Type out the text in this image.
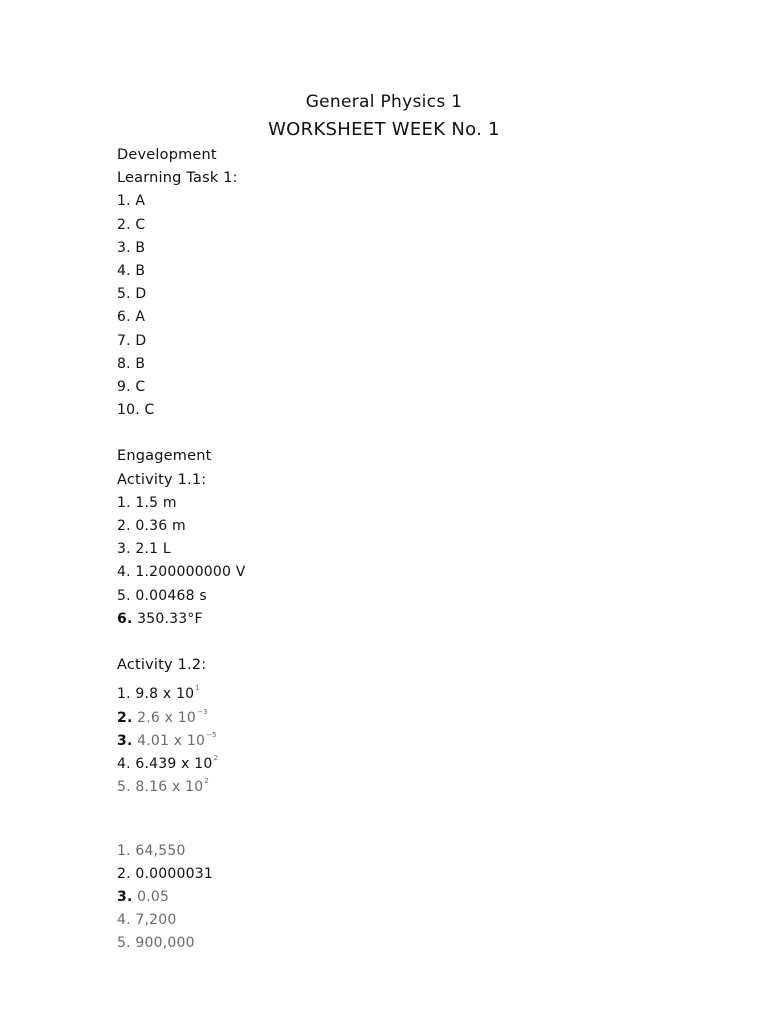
General Physics 1
WORKSHEET WEEK No. 1
Development
Learning Task 1:
1. A
2. C
3. B
4. B
5. D
6. A
7. D
8. B
9. C
10. C
Engagement
Activity 1.1:
1. 1.5 m
2. 0.36 m
3. 2.1 L
4. 1.200000000 V
5. 0.00468 s
6. 350.33°F
Activity 1.2:
1. 9.8 x $10^1$
2. 2.6 x $10^{-3}$
3. 4.01 x $10^{-5}$
4. 6.439 x $10^2$
5. 8.16 x $10^2$
1. 64,550
2. 0.0000031
3. 0.05
4. 7,200
5. 900,000
